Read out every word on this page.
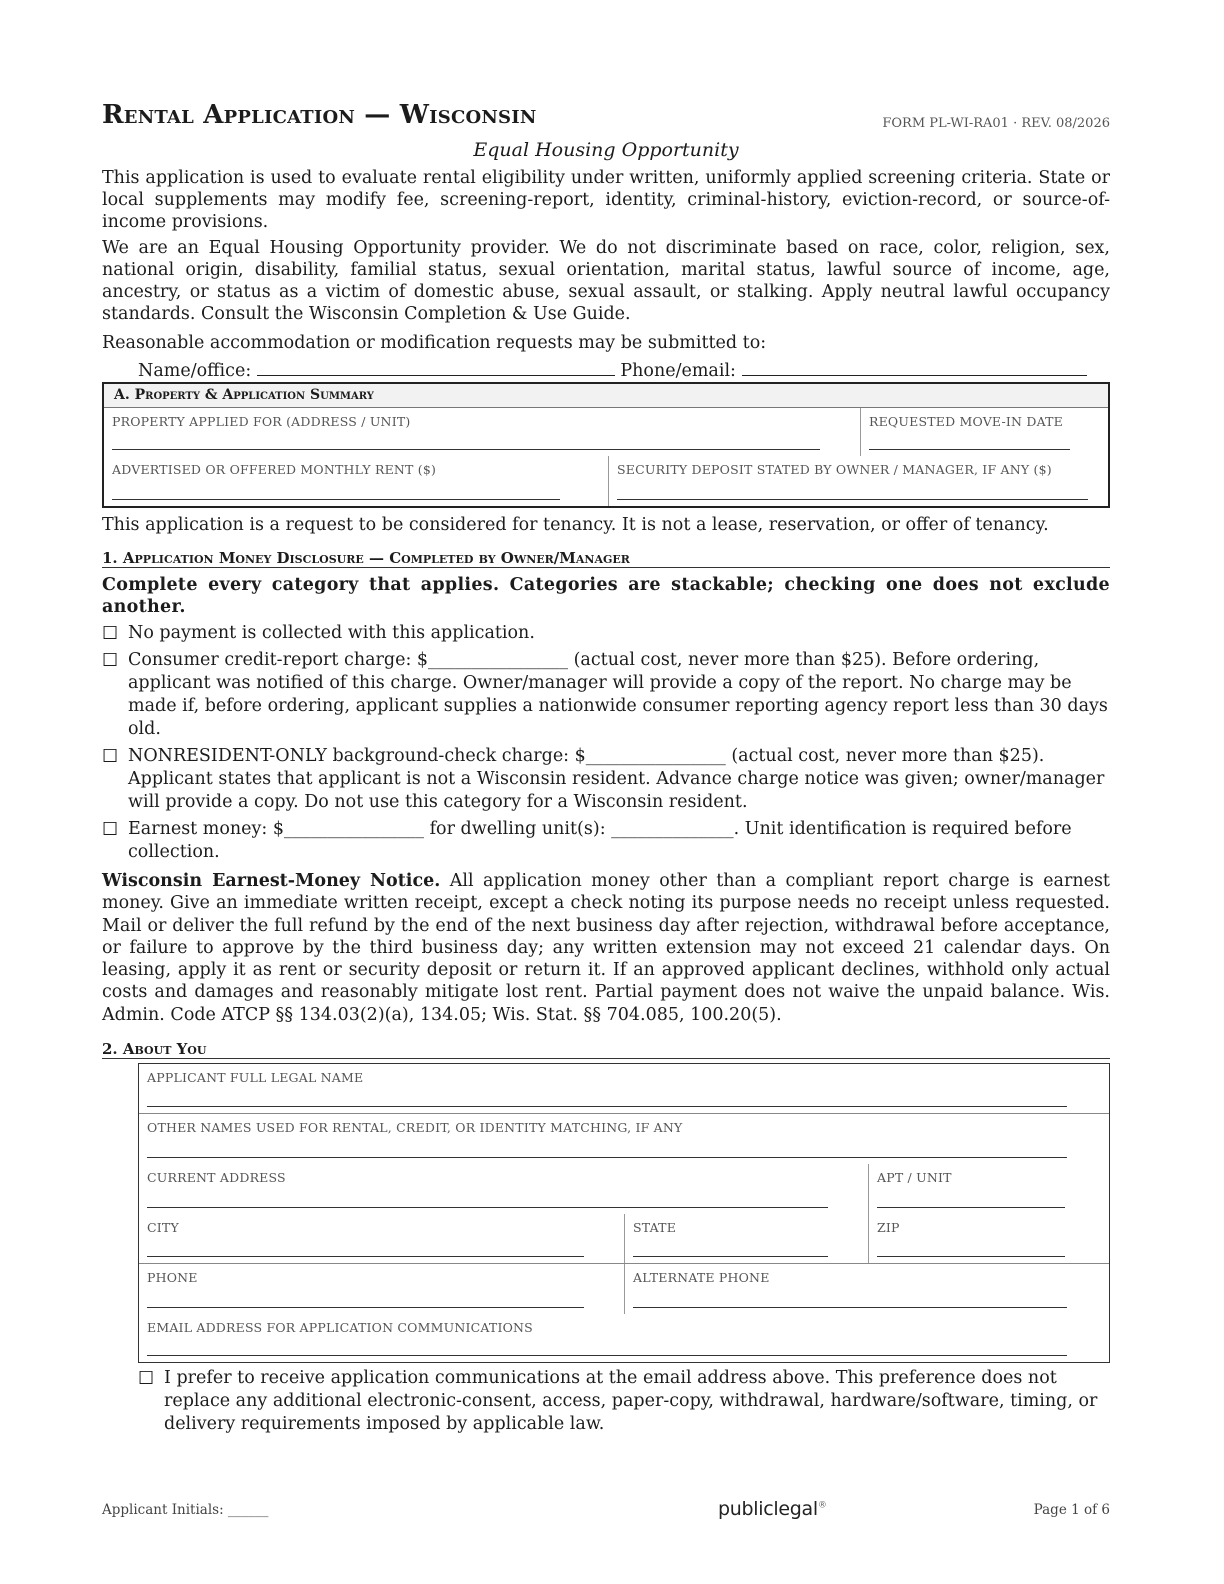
Rental Application — Wisconsin	FORM PL-WI-RA01 · REV. 08/2026
Equal Housing Opportunity
This application is used to evaluate rental eligibility under written, uniformly applied screening criteria. State or local supplements may modify fee, screening-report, identity, criminal-history, eviction-record, or source-of-income provisions.
We are an Equal Housing Opportunity provider. We do not discriminate based on race, color, religion, sex, national origin, disability, familial status, sexual orientation, marital status, lawful source of income, age, ancestry, or status as a victim of domestic abuse, sexual assault, or stalking. Apply neutral lawful occupancy standards. Consult the Wisconsin Completion & Use Guide.
Reasonable accommodation or modification requests may be submitted to:
Name/office:	Phone/email:
A. Property & Application Summary
PROPERTY APPLIED FOR (ADDRESS / UNIT)	REQUESTED MOVE-IN DATE
ADVERTISED OR OFFERED MONTHLY RENT ($)	SECURITY DEPOSIT STATED BY OWNER / MANAGER, IF ANY ($)
This application is a request to be considered for tenancy. It is not a lease, reservation, or offer of tenancy.
1. Application Money Disclosure — Completed by Owner/Manager
Complete every category that applies. Categories are stackable; checking one does not exclude another.
☐ No payment is collected with this application.
☐ Consumer credit-report charge: $________________ (actual cost, never more than $25). Before ordering, applicant was notified of this charge. Owner/manager will provide a copy of the report. No charge may be made if, before ordering, applicant supplies a nationwide consumer reporting agency report less than 30 days old.
☐ NONRESIDENT-ONLY background-check charge: $________________ (actual cost, never more than $25). Applicant states that applicant is not a Wisconsin resident. Advance charge notice was given; owner/manager will provide a copy. Do not use this category for a Wisconsin resident.
☐ Earnest money: $________________ for dwelling unit(s): ______________. Unit identification is required before collection.
Wisconsin Earnest-Money Notice. All application money other than a compliant report charge is earnest money. Give an immediate written receipt, except a check noting its purpose needs no receipt unless requested. Mail or deliver the full refund by the end of the next business day after rejection, withdrawal before acceptance, or failure to approve by the third business day; any written extension may not exceed 21 calendar days. On leasing, apply it as rent or security deposit or return it. If an approved applicant declines, withhold only actual costs and damages and reasonably mitigate lost rent. Partial payment does not waive the unpaid balance. Wis. Admin. Code ATCP §§ 134.03(2)(a), 134.05; Wis. Stat. §§ 704.085, 100.20(5).
2. About You
APPLICANT FULL LEGAL NAME
OTHER NAMES USED FOR RENTAL, CREDIT, OR IDENTITY MATCHING, IF ANY
CURRENT ADDRESS	APT / UNIT
CITY	STATE	ZIP
PHONE	ALTERNATE PHONE
EMAIL ADDRESS FOR APPLICATION COMMUNICATIONS
☐ I prefer to receive application communications at the email address above. This preference does not replace any additional electronic-consent, access, paper-copy, withdrawal, hardware/software, timing, or delivery requirements imposed by applicable law.
Applicant Initials: ______	publiclegal®	Page 1 of 6
